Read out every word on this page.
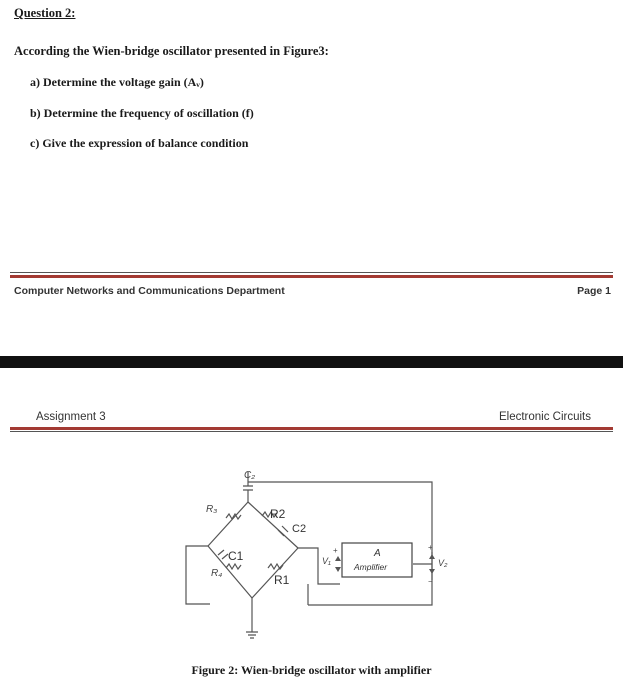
Question 2:
According the Wien-bridge oscillator presented in Figure3:
a) Determine the voltage gain (Aᵥ)
b) Determine the frequency of oscillation (f)
c) Give the expression of balance condition
Computer Networks and Communications Department	Page 1
Assignment 3	Electronic Circuits
C₂
R₃	R2
C2
C1
R₄	R1
V₁
+	A
Amplifier	V₂
+
−
Figure 2: Wien-bridge oscillator with amplifier
